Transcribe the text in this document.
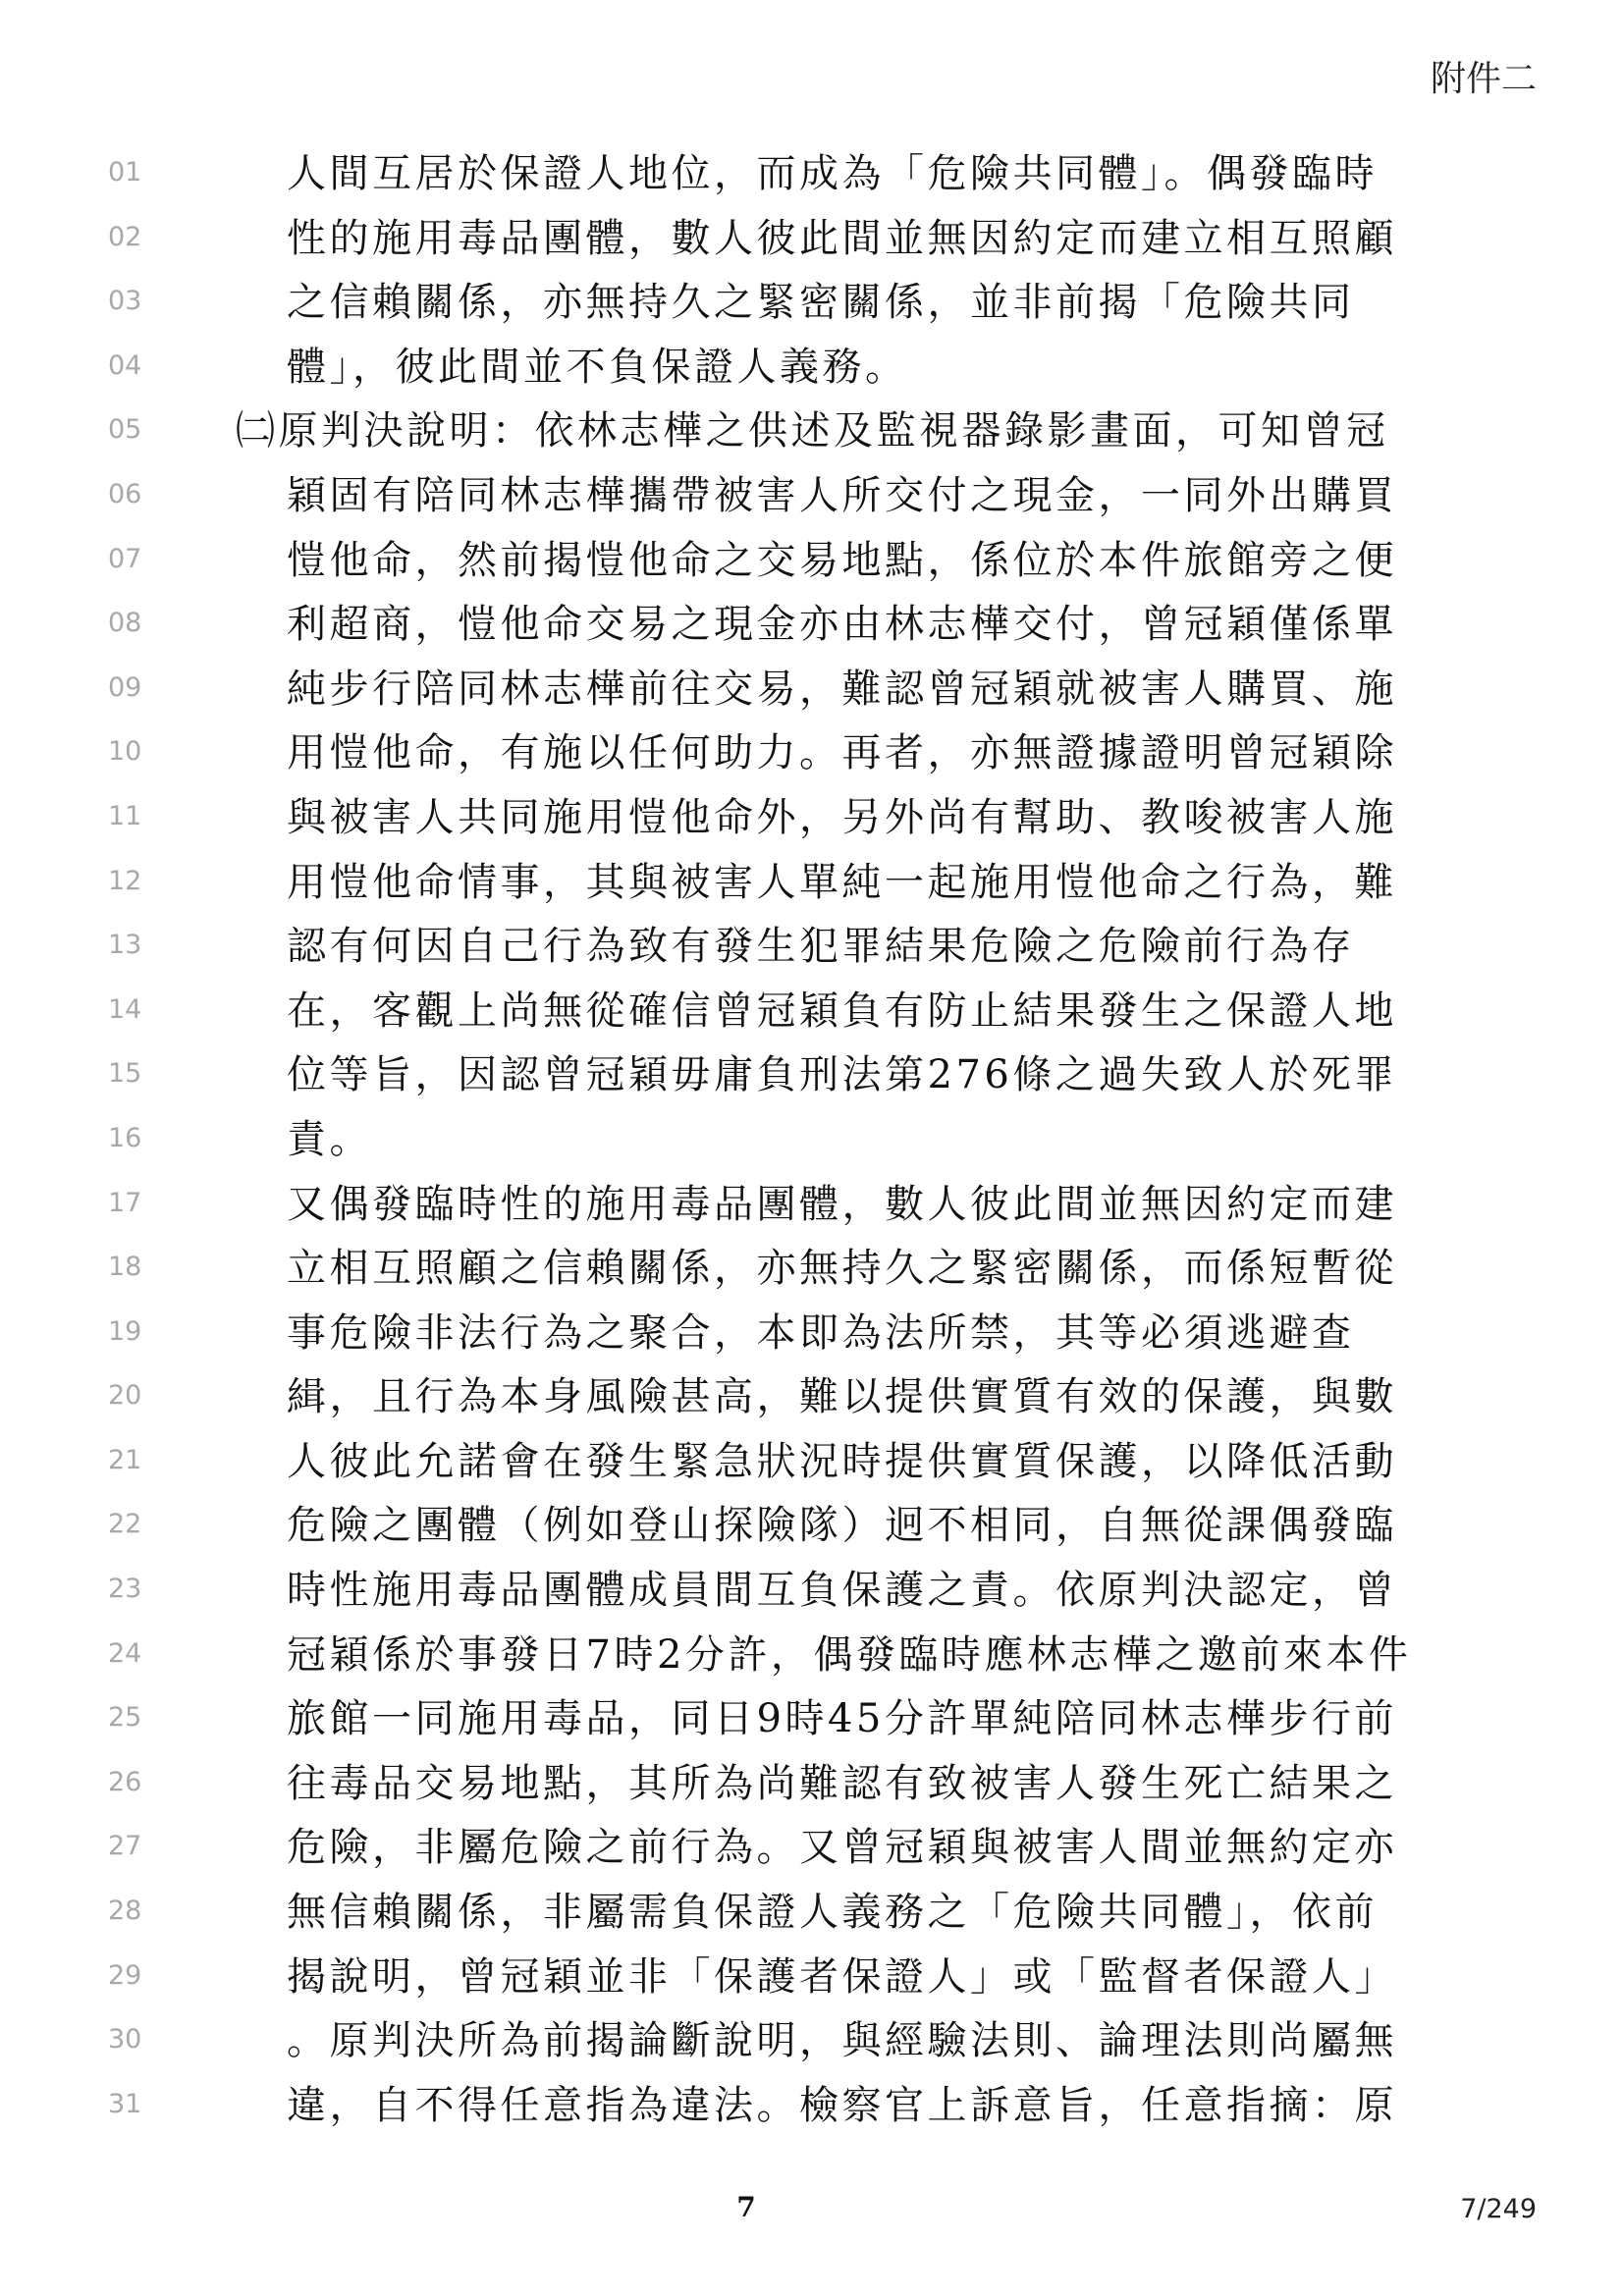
附件二
01	人間互居於保證人地位，而成為「危險共同體」。偶發臨時
02	性的施用毒品團體，數人彼此間並無因約定而建立相互照顧
03	之信賴關係，亦無持久之緊密關係，並非前揭「危險共同
04	體」，彼此間並不負保證人義務。
05 ㈡原判決說明：依林志樺之供述及監視器錄影畫面，可知曾冠
06	穎固有陪同林志樺攜帶被害人所交付之現金，一同外出購買
07	愷他命，然前揭愷他命之交易地點，係位於本件旅館旁之便
08	利超商，愷他命交易之現金亦由林志樺交付，曾冠穎僅係單
09	純步行陪同林志樺前往交易，難認曾冠穎就被害人購買、施
10	用愷他命，有施以任何助力。再者，亦無證據證明曾冠穎除
11	與被害人共同施用愷他命外，另外尚有幫助、教唆被害人施
12	用愷他命情事，其與被害人單純一起施用愷他命之行為，難
13	認有何因自己行為致有發生犯罪結果危險之危險前行為存
14	在，客觀上尚無從確信曾冠穎負有防止結果發生之保證人地
15	位等旨，因認曾冠穎毋庸負刑法第276條之過失致人於死罪
16	責。
17	又偶發臨時性的施用毒品團體，數人彼此間並無因約定而建
18	立相互照顧之信賴關係，亦無持久之緊密關係，而係短暫從
19	事危險非法行為之聚合，本即為法所禁，其等必須逃避查
20	緝，且行為本身風險甚高，難以提供實質有效的保護，與數
21	人彼此允諾會在發生緊急狀況時提供實質保護，以降低活動
22	危險之團體（例如登山探險隊）迥不相同，自無從課偶發臨
23	時性施用毒品團體成員間互負保護之責。依原判決認定，曾
24	冠穎係於事發日7時2分許，偶發臨時應林志樺之邀前來本件
25	旅館一同施用毒品，同日9時45分許單純陪同林志樺步行前
26	往毒品交易地點，其所為尚難認有致被害人發生死亡結果之
27	危險，非屬危險之前行為。又曾冠穎與被害人間並無約定亦
28	無信賴關係，非屬需負保證人義務之「危險共同體」，依前
29	揭說明，曾冠穎並非「保護者保證人」或「監督者保證人」
30	。原判決所為前揭論斷說明，與經驗法則、論理法則尚屬無
31	違，自不得任意指為違法。檢察官上訴意旨，任意指摘：原
7	7/249
